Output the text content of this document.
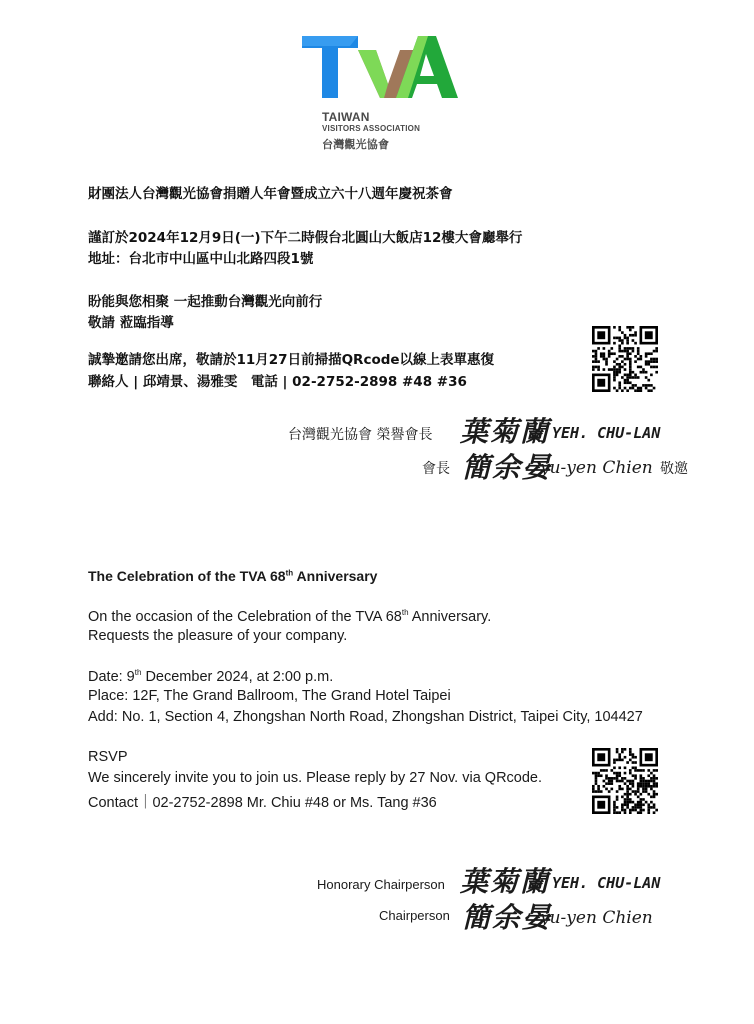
TAIWAN
VISITORS ASSOCIATION
台灣觀光協會
財團法人台灣觀光協會捐贈人年會暨成立六十八週年慶祝茶會
謹訂於2024年12月9日(一)下午二時假台北圓山大飯店12樓大會廳舉行
地址：台北市中山區中山北路四段1號
盼能與您相聚 一起推動台灣觀光向前行
敬請 蒞臨指導
誠摯邀請您出席，敬請於11月27日前掃描QRcode以線上表單惠復
聯絡人 | 邱靖景、湯雅雯　電話 | 02-2752-2898 #48 #36
台灣觀光協會 榮譽會長 葉菊蘭 YEH. CHU-LAN
會長 簡余晏
yu-yen Chien 敬邀
The Celebration of the TVA 68th Anniversary
On the occasion of the Celebration of the TVA 68th Anniversary.
Requests the pleasure of your company.
Date: 9th December 2024, at 2:00 p.m.
Place: 12F, The Grand Ballroom, The Grand Hotel Taipei
Add: No. 1, Section 4, Zhongshan North Road, Zhongshan District, Taipei City, 104427
RSVP
We sincerely invite you to join us. Please reply by 27 Nov. via QRcode.
Contact｜02-2752-2898 Mr. Chiu #48 or Ms. Tang #36
Honorary Chairperson 葉菊蘭 YEH. CHU-LAN
Chairperson 簡余晏
yu-yen Chien
